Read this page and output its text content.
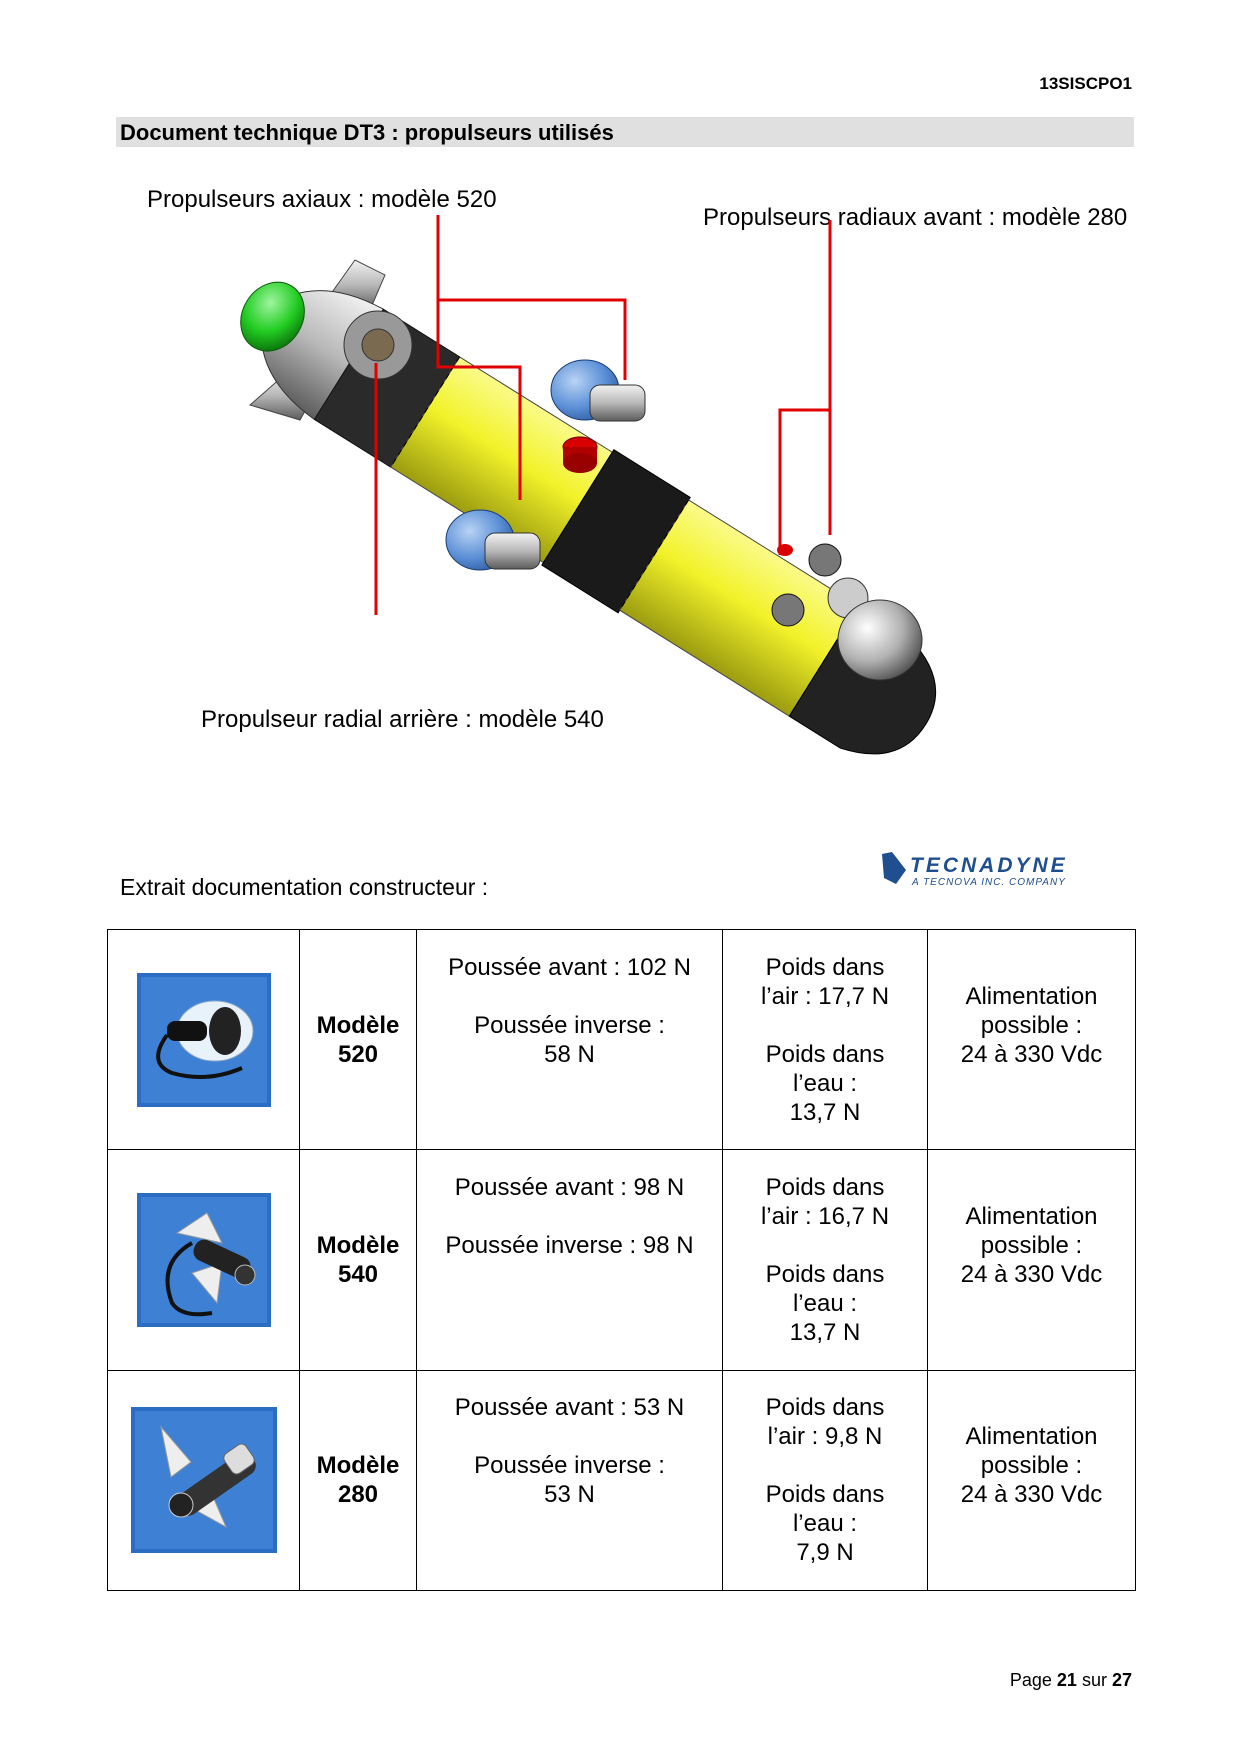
13SISCPO1
Document technique DT3 : propulseurs utilisés
Propulseurs axiaux : modèle 520
Propulseurs radiaux avant : modèle 280
Propulseur radial arrière : modèle 540
Extrait documentation constructeur :
TECNADYNE
A TECNOVA INC. COMPANY
	Modèle
520	Poussée avant : 102 N

Poussée inverse :
58 N	Poids dans
l’air : 17,7 N

Poids dans
l’eau :
13,7 N	Alimentation
possible :
24 à 330 Vdc

	Modèle
540	Poussée avant : 98 N

Poussée inverse : 98 N	Poids dans
l’air : 16,7 N

Poids dans
l’eau :
13,7 N	Alimentation
possible :
24 à 330 Vdc

	Modèle
280	Poussée avant : 53 N

Poussée inverse :
53 N	Poids dans
l’air : 9,8 N

Poids dans
l’eau :
7,9 N	Alimentation
possible :
24 à 330 Vdc

Page 21 sur 27
